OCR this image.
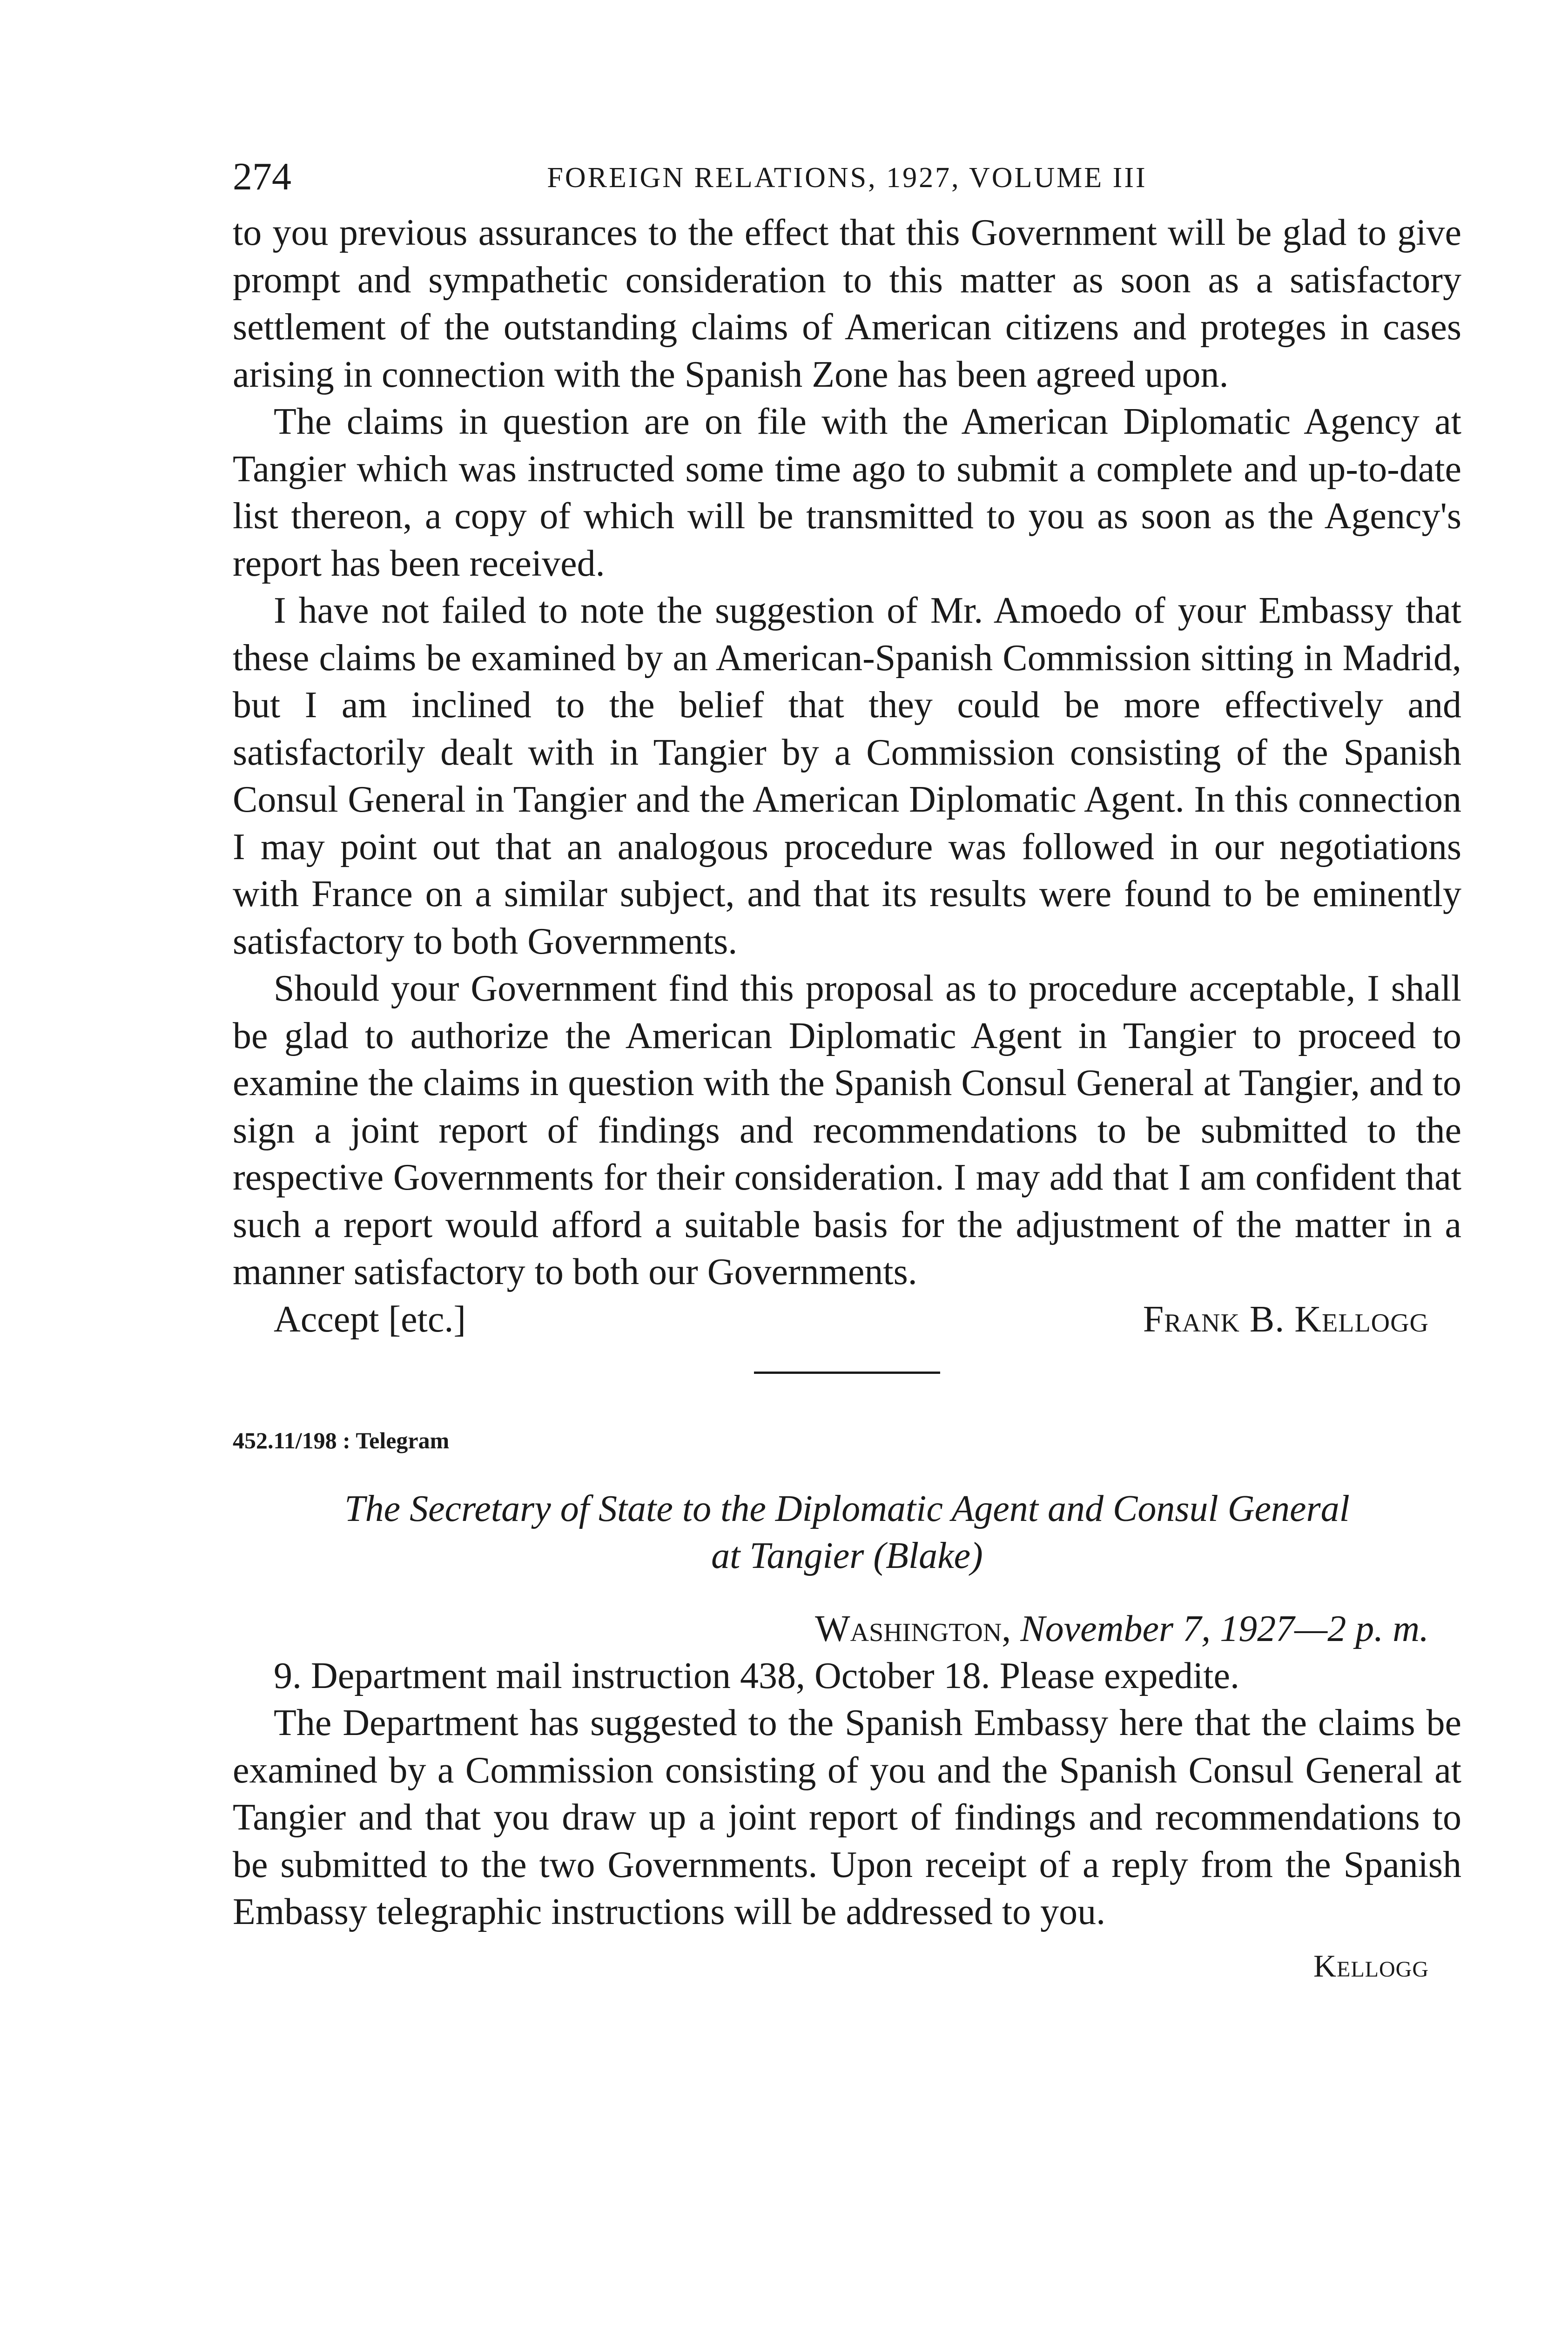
274	FOREIGN RELATIONS, 1927, VOLUME III

to you previous assurances to the effect that this Government will be glad to give prompt and sympathetic consideration to this matter as soon as a satisfactory settlement of the outstanding claims of American citizens and proteges in cases arising in connection with the Spanish Zone has been agreed upon.

The claims in question are on file with the American Diplomatic Agency at Tangier which was instructed some time ago to submit a complete and up-to-date list thereon, a copy of which will be transmitted to you as soon as the Agency's report has been received.

I have not failed to note the suggestion of Mr. Amoedo of your Embassy that these claims be examined by an American-Spanish Commission sitting in Madrid, but I am inclined to the belief that they could be more effectively and satisfactorily dealt with in Tangier by a Commission consisting of the Spanish Consul General in Tangier and the American Diplomatic Agent. In this connection I may point out that an analogous procedure was followed in our negotiations with France on a similar subject, and that its results were found to be eminently satisfactory to both Governments.

Should your Government find this proposal as to procedure acceptable, I shall be glad to authorize the American Diplomatic Agent in Tangier to proceed to examine the claims in question with the Spanish Consul General at Tangier, and to sign a joint report of findings and recommendations to be submitted to the respective Governments for their consideration. I may add that I am confident that such a report would afford a suitable basis for the adjustment of the matter in a manner satisfactory to both our Governments.

Accept [etc.]	Frank B. Kellogg
452.11/198 : Telegram
The Secretary of State to the Diplomatic Agent and Consul General
at Tangier (Blake)
Washington, November 7, 1927—2 p. m.

9. Department mail instruction 438, October 18. Please expedite.

The Department has suggested to the Spanish Embassy here that the claims be examined by a Commission consisting of you and the Spanish Consul General at Tangier and that you draw up a joint report of findings and recommendations to be submitted to the two Governments. Upon receipt of a reply from the Spanish Embassy telegraphic instructions will be addressed to you.

Kellogg
